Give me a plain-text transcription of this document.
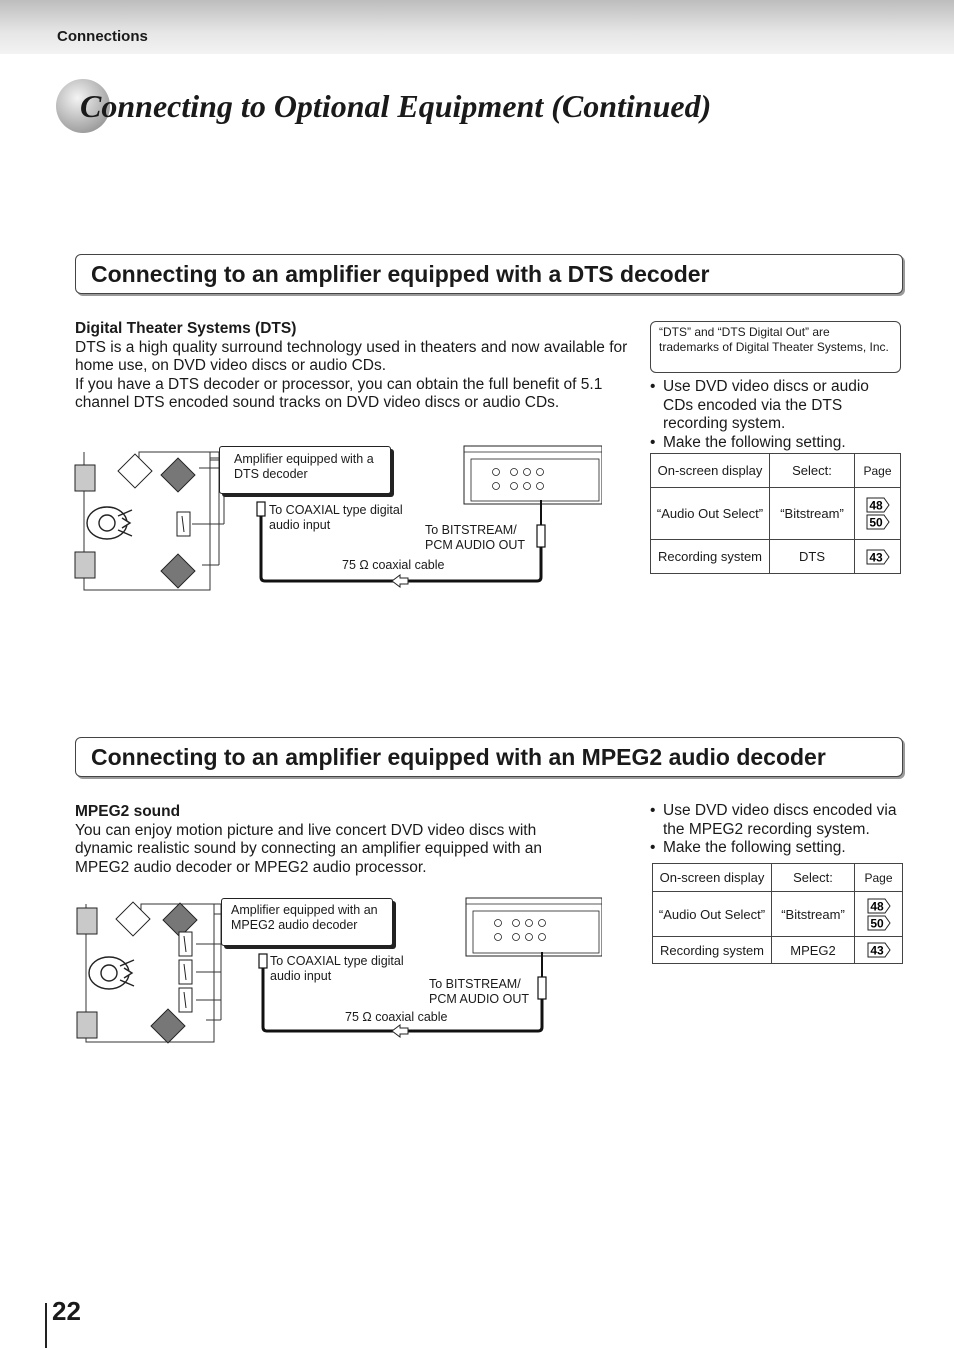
Connections
Connecting to Optional Equipment (Continued)
Connecting to an amplifier equipped with a DTS decoder
Digital Theater Systems (DTS)
DTS is a high quality surround technology used in theaters and now available for home use, on DVD video discs or audio CDs.
If you have a DTS decoder or processor, you can obtain the full benefit of 5.1 channel DTS encoded sound tracks on DVD video discs or audio CDs.
“DTS” and “DTS Digital Out” are trademarks of Digital Theater Systems, Inc.
• Use DVD video discs or audio CDs encoded via the DTS recording system.
• Make the following setting.
On-screen display	Select:	Page
“Audio Out Select”	“Bitstream”	48
50

Recording system	DTS	43
Amplifier equipped with a DTS decoder
To COAXIAL type digital audio input	To BITSTREAM/ PCM AUDIO OUT
75 Ω coaxial cable
Connecting to an amplifier equipped with an MPEG2 audio decoder
MPEG2 sound
You can enjoy motion picture and live concert DVD video discs with dynamic realistic sound by connecting an amplifier equipped with an MPEG2 audio decoder or MPEG2 audio processor.
• Use DVD video discs encoded via the MPEG2 recording system.
• Make the following setting.
On-screen display	Select:	Page
“Audio Out Select”	“Bitstream”	48
50

Recording system	MPEG2	43
Amplifier equipped with an MPEG2 audio decoder
To COAXIAL type digital audio input
To BITSTREAM/ PCM AUDIO OUT
75 Ω coaxial cable
22
